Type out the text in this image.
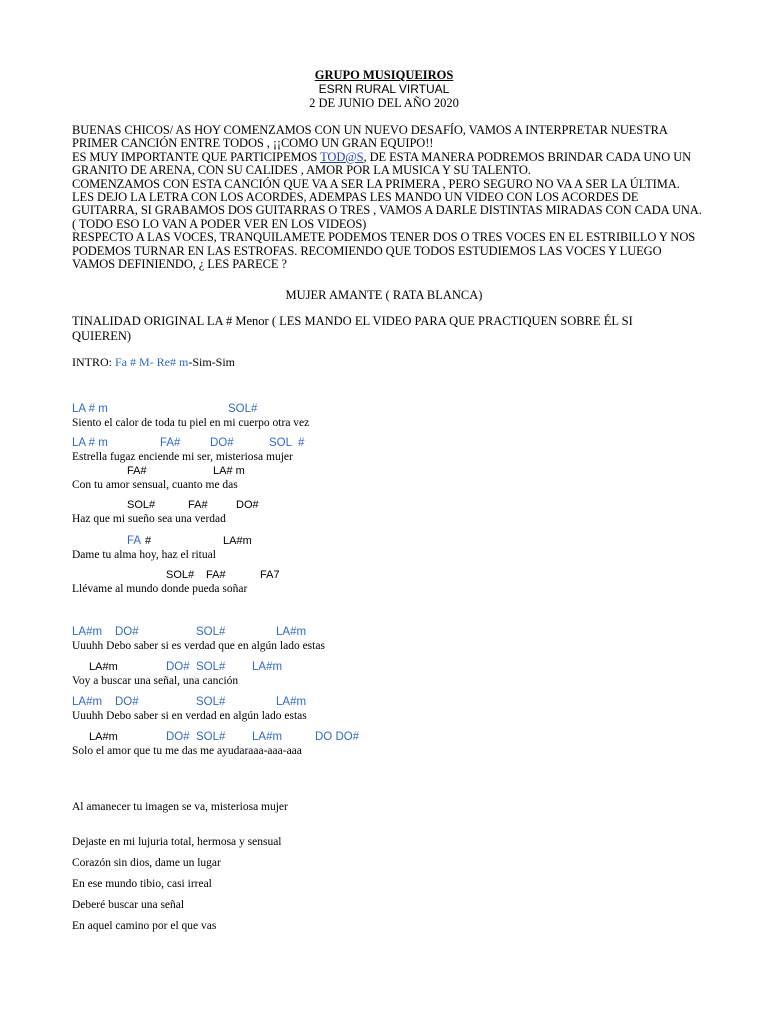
GRUPO MUSIQUEIROS
ESRN RURAL VIRTUAL
2 DE JUNIO DEL AÑO 2020
BUENAS CHICOS/ AS HOY COMENZAMOS CON UN NUEVO DESAFÍO, VAMOS A INTERPRETAR NUESTRA PRIMER CANCIÓN ENTRE TODOS , ¡¡COMO UN GRAN EQUIPO!!
ES MUY IMPORTANTE QUE PARTICIPEMOS TOD@S, DE ESTA MANERA PODREMOS BRINDAR CADA UNO UN GRANITO DE ARENA, CON SU CALIDES , AMOR POR LA MUSICA Y SU TALENTO.
COMENZAMOS CON ESTA CANCIÓN QUE VA A SER LA PRIMERA , PERO SEGURO NO VA A SER LA ÚLTIMA. LES DEJO LA LETRA CON LOS ACORDES, ADEMPAS LES MANDO UN VIDEO CON LOS ACORDES DE GUITARRA, SI GRABAMOS DOS GUITARRAS O TRES , VAMOS A DARLE DISTINTAS MIRADAS CON CADA UNA.( TODO ESO LO VAN A PODER VER EN LOS VIDEOS)
RESPECTO A LAS VOCES, TRANQUILAMETE PODEMOS TENER DOS O TRES VOCES EN EL ESTRIBILLO Y NOS PODEMOS TURNAR EN LAS ESTROFAS. RECOMIENDO QUE TODOS ESTUDIEMOS LAS VOCES Y LUEGO VAMOS DEFINIENDO, ¿ LES PARECE ?
MUJER AMANTE ( RATA BLANCA)
TINALIDAD ORIGINAL LA # Menor ( LES MANDO EL VIDEO PARA QUE PRACTIQUEN SOBRE ÉL SI QUIEREN)
INTRO: Fa # M- Re# m-Sim-Sim
LA # m	SOL#
Siento el calor de toda tu piel en mi cuerpo otra vez
LA # m	FA#	DO#	SOL  #
Estrella fugaz enciende mi ser, misteriosa mujer
FA#	LA# m
Con tu amor sensual, cuanto me das
SOL#	FA#	DO#
Haz que mi sueño sea una verdad
FA #	LA#m
Dame tu alma hoy, haz el ritual
SOL# FA#	FA7
Llévame al mundo donde pueda soñar
LA#m DO#	SOL#	LA#m
Uuuhh Debo saber si es verdad que en algún lado estas
LA#m	DO# SOL# LA#m
Voy a buscar una señal, una canción
LA#m DO#	SOL#	LA#m
Uuuhh Debo saber si en verdad en algún lado estas
LA#m	DO# SOL# LA#m	DO DO#
Solo el amor que tu me das me ayudaraaa-aaa-aaa
Al amanecer tu imagen se va, misteriosa mujer
Dejaste en mi lujuria total, hermosa y sensual
Corazón sin dios, dame un lugar
En ese mundo tibio, casi irreal
Deberé buscar una señal
En aquel camino por el que vas
